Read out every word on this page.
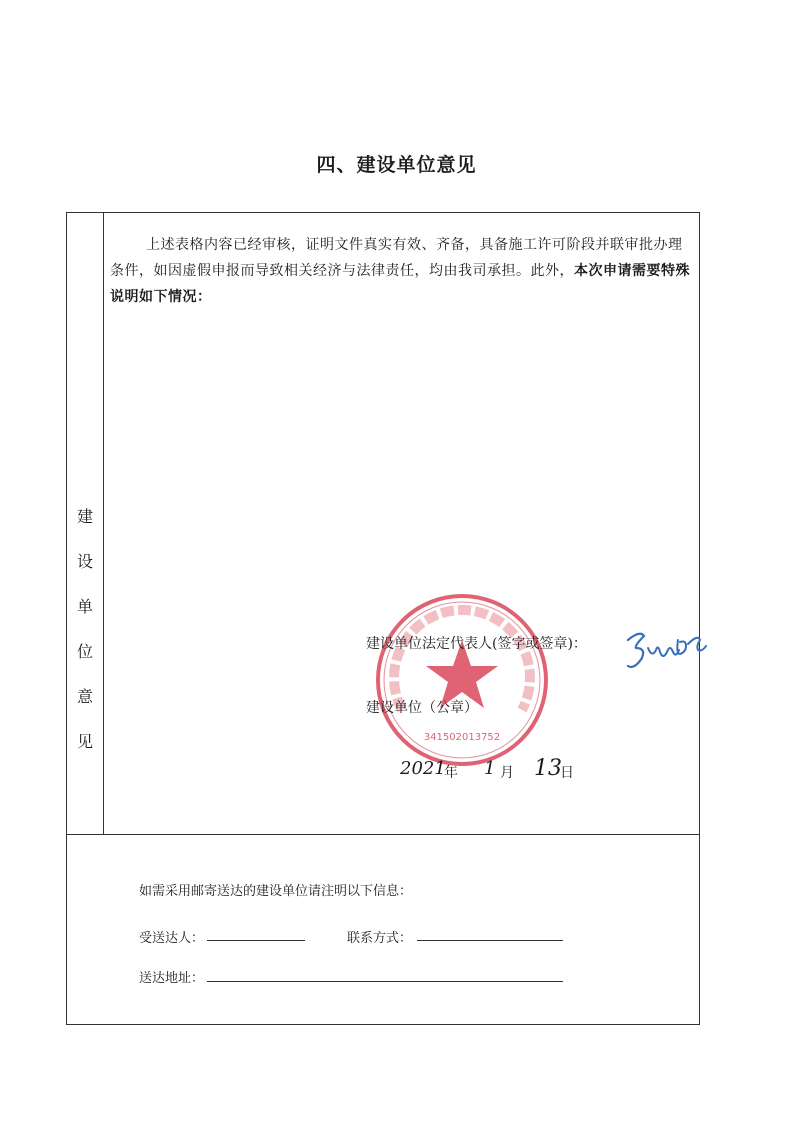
四、建设单位意见
建
设
单
位
意
见
上述表格内容已经审核，证明文件真实有效、齐备，具备施工许可阶段并联审批办理条件，如因虚假申报而导致相关经济与法律责任，均由我司承担。此外，本次申请需要特殊说明如下情况：
341502013752
建设单位法定代表人(签字或签章)：
建设单位（公章）
2021
年 1 月 13
日
如需采用邮寄送达的建设单位请注明以下信息：
受送达人：	联系方式：
送达地址：
